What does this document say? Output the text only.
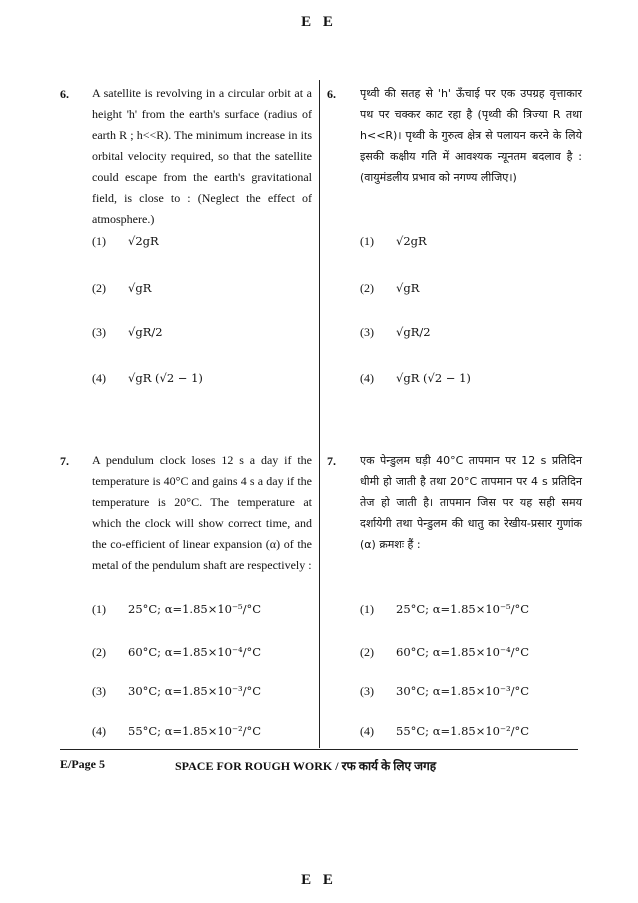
E E
6. A satellite is revolving in a circular orbit at a height 'h' from the earth's surface (radius of earth R ; h<<R). The minimum increase in its orbital velocity required, so that the satellite could escape from the earth's gravitational field, is close to : (Neglect the effect of atmosphere.)
6. पृथ्वी की सतह से 'h' ऊँचाई पर एक उपग्रह वृत्ताकार पथ पर चक्कर काट रहा है (पृथ्वी की त्रिज्या R तथा h<<R)। पृथ्वी के गुरुत्व क्षेत्र से पलायन करने के लिये इसकी कक्षीय गति में आवश्यक न्यूनतम बदलाव है : (वायुमंडलीय प्रभाव को नगण्य लीजिए।)
(1) √2gR
(2) √gR
(3) √gR/2
(4) √gR (√2 − 1)
(1) √2gR
(2) √gR
(3) √gR/2
(4) √gR (√2 − 1)
7. A pendulum clock loses 12 s a day if the temperature is 40°C and gains 4 s a day if the temperature is 20°C. The temperature at which the clock will show correct time, and the co-efficient of linear expansion (α) of the metal of the pendulum shaft are respectively :
7. एक पेन्डुलम घड़ी 40°C तापमान पर 12 s प्रतिदिन धीमी हो जाती है तथा 20°C तापमान पर 4 s प्रतिदिन तेज हो जाती है। तापमान जिस पर यह सही समय दर्शायेगी तथा पेन्डुलम की धातु का रेखीय-प्रसार गुणांक (α) क्रमशः हैं :
(1) 25°C; α=1.85×10⁻⁵/°C
(2) 60°C; α=1.85×10⁻⁴/°C
(3) 30°C; α=1.85×10⁻³/°C
(4) 55°C; α=1.85×10⁻²/°C
(1) 25°C; α=1.85×10⁻⁵/°C
(2) 60°C; α=1.85×10⁻⁴/°C
(3) 30°C; α=1.85×10⁻³/°C
(4) 55°C; α=1.85×10⁻²/°C
E/Page 5	SPACE FOR ROUGH WORK / रफ कार्य के लिए जगह
E E
